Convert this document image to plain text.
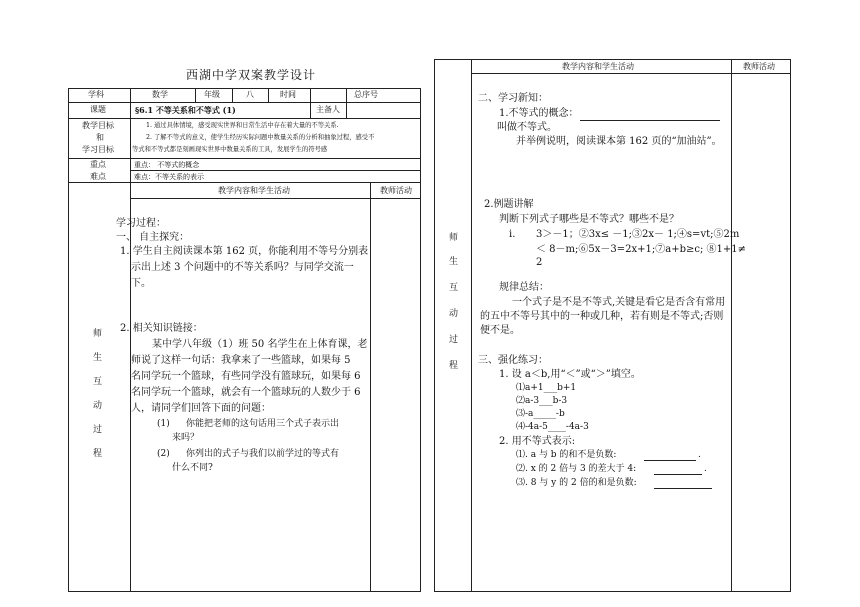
西湖中学双案教学设计
学科	数学	年级	八	时间	总序号
课题	§6.1 不等关系和不等式 (1)	主备人
教学目标
和
学习目标
1. 通过具体情境，感受现实世界和日常生活中存在着大量的不等关系.
2. 了解不等式的意义，使学生经历实际问题中数量关系的分析和抽象过程，感受不
等式和不等式都是刻画现实世界中数量关系的工具，发展学生的符号感
重点
难点
重点： 不等式的概念
难点：不等关系的表示
教学内容和学生活动	教师活动
师
生
互
动
过
程
学习过程：
一、 自主探究：
1. 学生自主阅读课本第 162 页，你能利用不等号分别表
示出上述 3 个问题中的不等关系吗？与同学交流一
下。
2. 相关知识链接：
某中学八年级（1）班 50 名学生在上体育课，老
师说了这样一句话：我拿来了一些篮球，如果每 5
名同学玩一个篮球，有些同学没有篮球玩，如果每 6
名同学玩一个篮球，就会有一个篮球玩的人数少于 6
人，请同学们回答下面的问题：
(1) 你能把老师的这句话用三个式子表示出
来吗？
(2) 你列出的式子与我们以前学过的等式有
什么不同?
教学内容和学生活动	教师活动
师
生
互
动
过
程
二、学习新知：
1.不等式的概念：
叫做不等式。
并举例说明，阅读课本第 162 页的“加油站”。
2.例题讲解
判断下列式子哪些是不等式？哪些不是？
i. 3＞－1；②3x≤ －1;③2x－ 1;④s=vt;⑤2m
＜ 8－m;⑥5x－3=2x+1;⑦a+b≥c; ⑧1+1≠
2
规律总结：
一个式子是不是不等式,关键是看它是否含有常用
的五中不等号其中的一种或几种，若有则是不等式;否则
便不是。
三、强化练习：
1. 设 a＜b,用“＜”或“＞”填空。
⑴a+1___b+1
⑵a-3___b-3
⑶-a_____-b
⑷-4a-5____-4a-3
2. 用不等式表示:
⑴. a 与 b 的和不是负数:	.
⑵. x 的 2 倍与 3 的差大于 4:	.
⑶. 8 与 y 的 2 倍的和是负数:
